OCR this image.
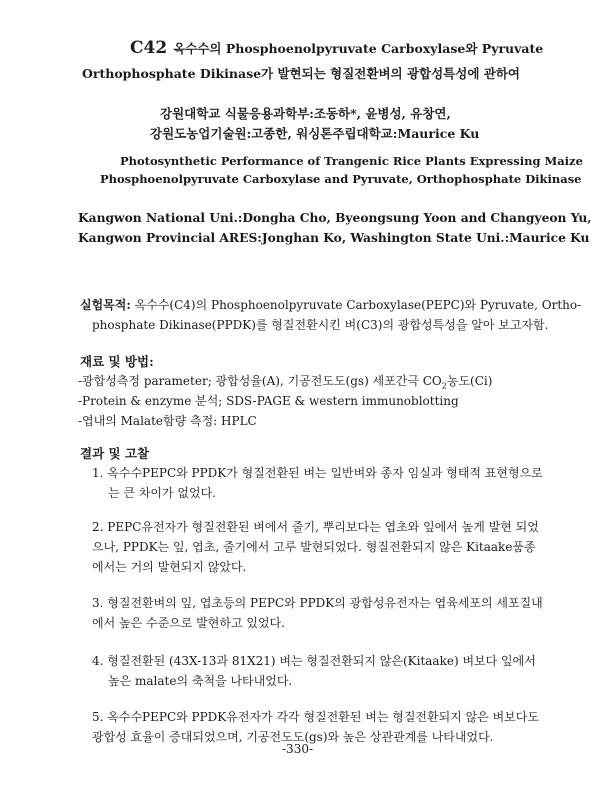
C42 옥수수의 Phosphoenolpyruvate Carboxylase와 Pyruvate
Orthophosphate Dikinase가 발현되는 형질전환벼의 광합성특성에 관하여
강원대학교 식물응용과학부:조동하*, 윤병성, 유창연,
강원도농업기술원:고종한, 워싱톤주립대학교:Maurice Ku
Photosynthetic Performance of Trangenic Rice Plants Expressing Maize
Phosphoenolpyruvate Carboxylase and Pyruvate, Orthophosphate Dikinase
Kangwon National Uni.:Dongha Cho, Byeongsung Yoon and Changyeon Yu,
Kangwon Provincial ARES:Jonghan Ko, Washington State Uni.:Maurice Ku
실험목적: 옥수수(C4)의 Phosphoenolpyruvate Carboxylase(PEPC)와 Pyruvate, Ortho-
phosphate Dikinase(PPDK)를 형질전환시킨 벼(C3)의 광합성특성을 알아 보고자함.
재료 및 방법:
-광합성측정 parameter; 광합성율(A), 기공전도도(gs) 세포간극 $CO_2$농도(Ci)
-Protein & enzyme 분석; SDS-PAGE & western immunoblotting
-엽내의 Malate함량 측정: HPLC
결과 및 고찰
1. 옥수수PEPC와 PPDK가 형질전환된 벼는 일반벼와 종자 임실과 형태적 표현형으로
는 큰 차이가 없었다.
2. PEPC유전자가 형질전환된 벼에서 줄기, 뿌리보다는 엽초와 잎에서 높게 발현 되었
으나, PPDK는 잎, 엽초, 줄기에서 고루 발현되었다. 형질전환되지 않은 Kitaake품종
에서는 거의 발현되지 않았다.
3. 형질전환벼의 잎, 엽초등의 PEPC와 PPDK의 광합성유전자는 엽육세포의 세포질내
에서 높은 수준으로 발현하고 있었다.
4. 형질전환된 (43X-13과 81X21) 벼는 형질전환되지 않은(Kitaake) 벼보다 잎에서
높은 malate의 축척을 나타내었다.
5. 옥수수PEPC와 PPDK유전자가 각각 형질전환된 벼는 형질전환되지 않은 벼보다도
광합성 효율이 증대되었으며, 기공전도도(gs)와 높은 상관관계를 나타내었다.
-330-
